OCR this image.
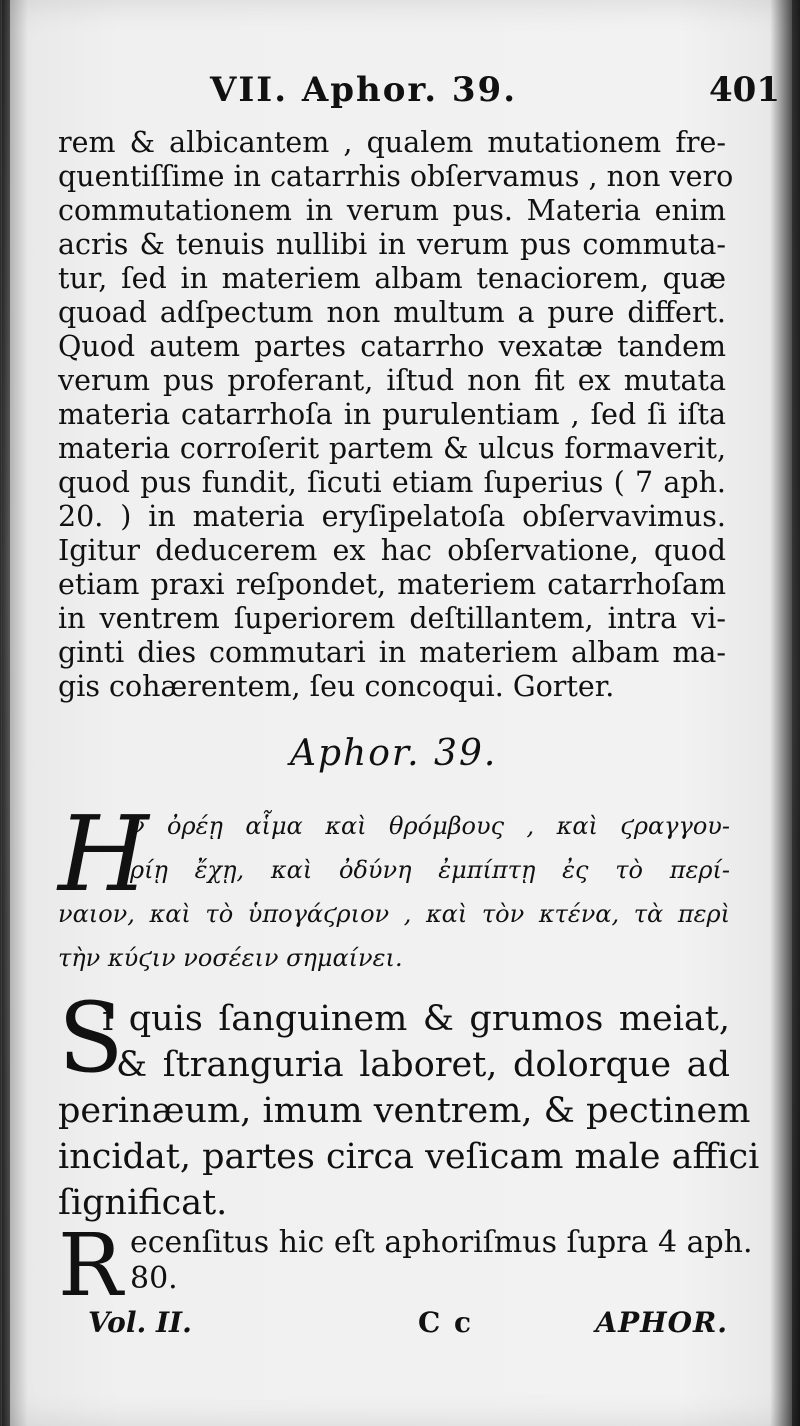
VII. Aphor. 39.	401
rem & albicantem , qualem mutationem fre-
quentiſſime in catarrhis obſervamus , non vero
commutationem in verum pus. Materia enim
acris & tenuis nullibi in verum pus commuta-
tur, ſed in materiem albam tenaciorem, quæ
quoad adſpectum non multum a pure differt.
Quod autem partes catarrho vexatæ tandem
verum pus proferant, iſtud non fit ex mutata
materia catarrhoſa in purulentiam , ſed ſi iſta
materia corroſerit partem & ulcus formaverit,
quod pus fundit, ſicuti etiam ſuperius ( 7 aph.
20. ) in materia eryſipelatoſa obſervavimus.
Igitur deducerem ex hac obſervatione, quod
etiam praxi reſpondet, materiem catarrhoſam
in ventrem ſuperiorem deſtillantem, intra vi-
ginti dies commutari in materiem albam ma-
gis cohærentem, ſeu concoqui. Gorter.
Aphor. 39.
H
ν ὀρέῃ αἷμα καὶ θρόμβους , καὶ ϛραγγου-
ρίῃ ἔχῃ, καὶ ὀδύνη ἐμπίπτῃ ἐς τὸ περί-
ναιον, καὶ τὸ ὑπογάϛριον , καὶ τὸν κτένα, τὰ περὶ
τὴν κύϛιν νοσέειν σημαίνει.
S
i quis ſanguinem & grumos meiat,
& ſtranguria laboret, dolorque ad
perinæum, imum ventrem, & pectinem
incidat, partes circa veſicam male affici
ſignificat.
R ecenſitus hic eſt aphoriſmus ſupra 4 aph.
80.
Vol. II.	C c	APHOR.
